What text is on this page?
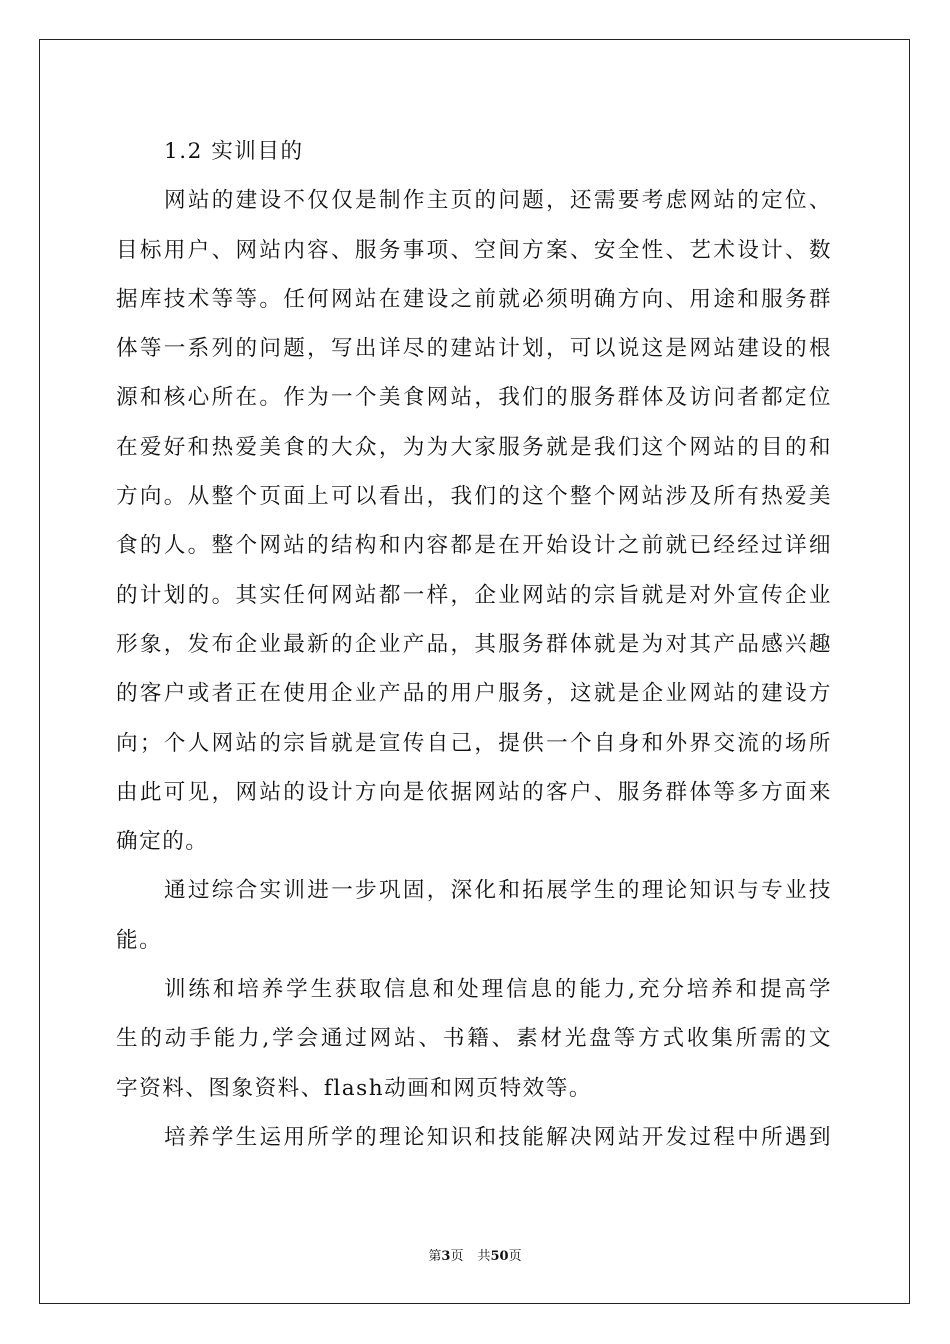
1.2 实训目的
网站的建设不仅仅是制作主页的问题，还需要考虑网站的定位、
目标用户、网站内容、服务事项、空间方案、安全性、艺术设计、数
据库技术等等。任何网站在建设之前就必须明确方向、用途和服务群
体等一系列的问题，写出详尽的建站计划，可以说这是网站建设的根
源和核心所在。作为一个美食网站，我们的服务群体及访问者都定位
在爱好和热爱美食的大众，为为大家服务就是我们这个网站的目的和
方向。从整个页面上可以看出，我们的这个整个网站涉及所有热爱美
食的人。整个网站的结构和内容都是在开始设计之前就已经经过详细
的计划的。其实任何网站都一样，企业网站的宗旨就是对外宣传企业
形象，发布企业最新的企业产品，其服务群体就是为对其产品感兴趣
的客户或者正在使用企业产品的用户服务，这就是企业网站的建设方
向；个人网站的宗旨就是宣传自己，提供一个自身和外界交流的场所
由此可见，网站的设计方向是依据网站的客户、服务群体等多方面来
确定的。
通过综合实训进一步巩固，深化和拓展学生的理论知识与专业技
能。
训练和培养学生获取信息和处理信息的能力,充分培养和提高学
生的动手能力,学会通过网站、书籍、素材光盘等方式收集所需的文
字资料、图象资料、flash动画和网页特效等。
培养学生运用所学的理论知识和技能解决网站开发过程中所遇到
第3页 共50页
